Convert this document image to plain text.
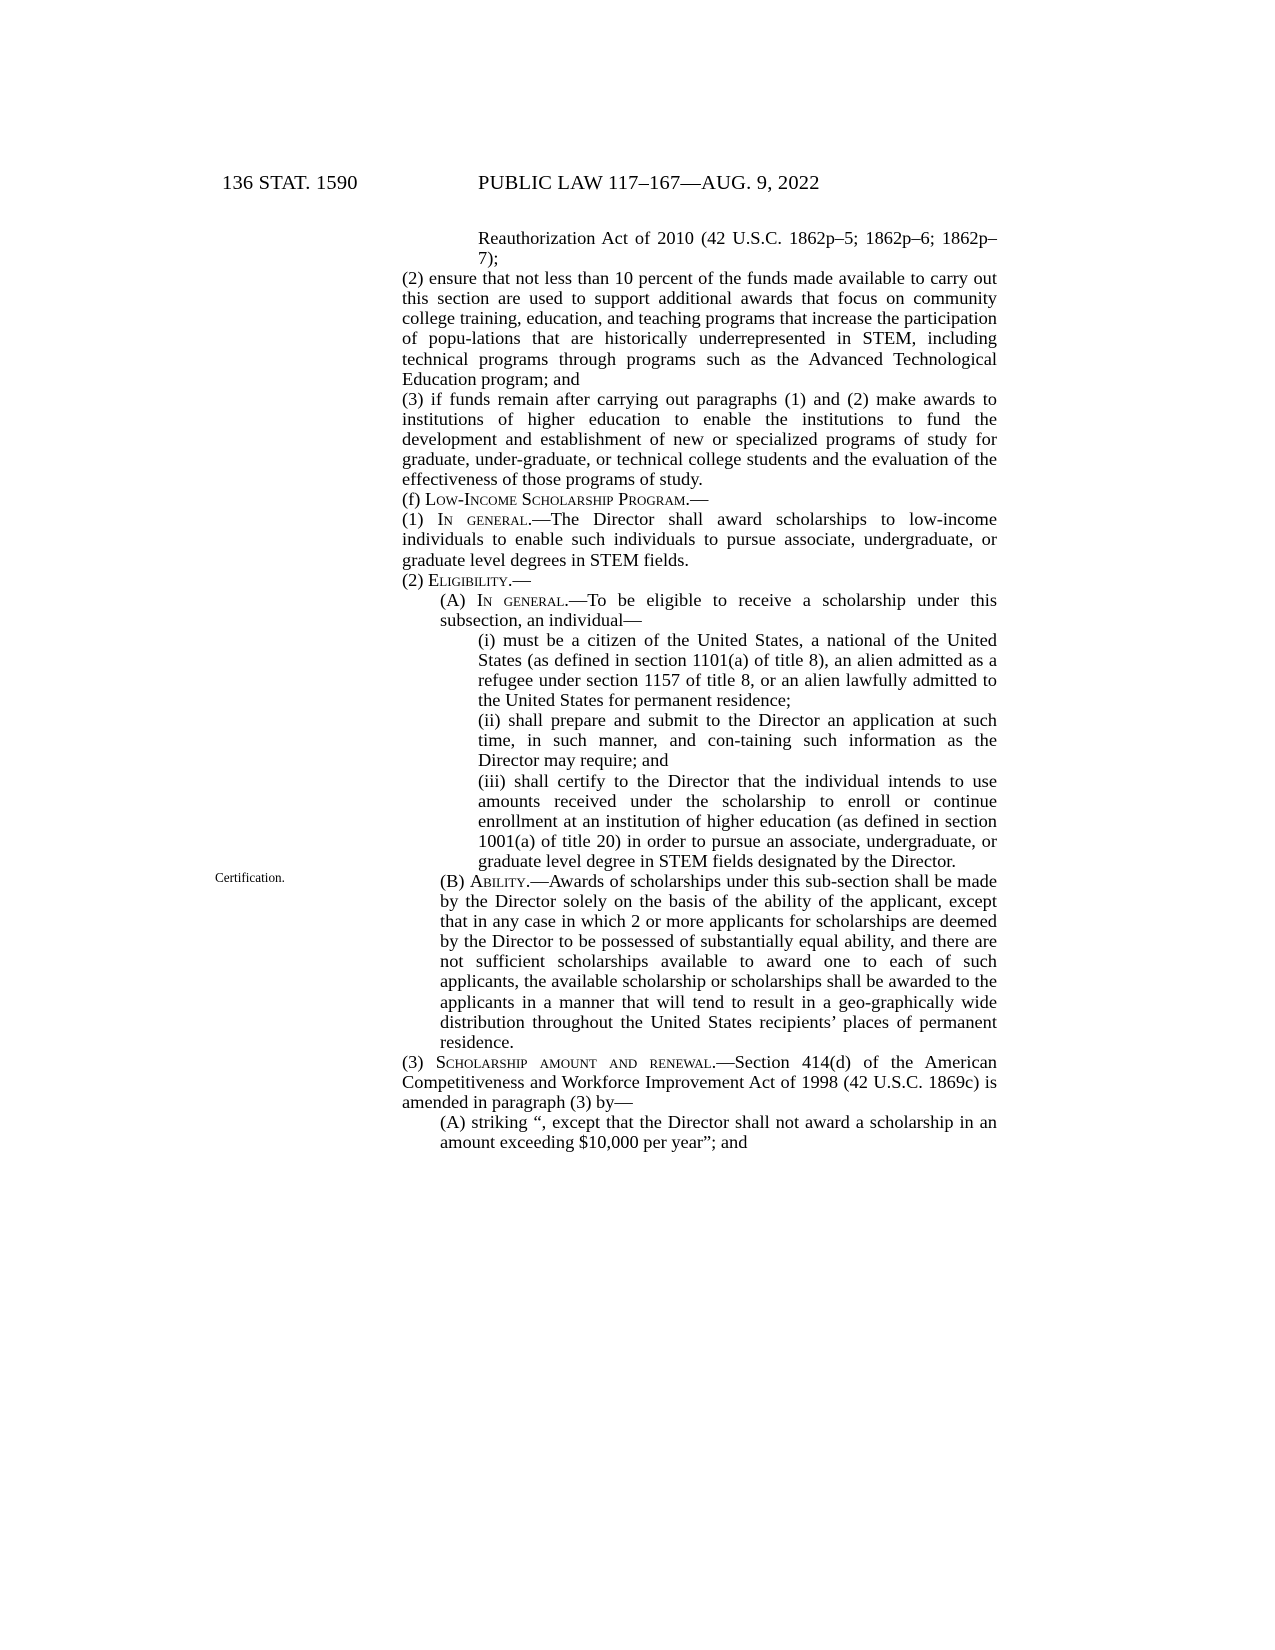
136 STAT. 1590	PUBLIC LAW 117–167—AUG. 9, 2022
Certification.

Reauthorization Act of 2010 (42 U.S.C. 1862p–5; 1862p–6; 1862p–7);

(2) ensure that not less than 10 percent of the funds made available to carry out this section are used to support additional awards that focus on community college training, education, and teaching programs that increase the participation of popu-lations that are historically underrepresented in STEM, including technical programs through programs such as the Advanced Technological Education program; and

(3) if funds remain after carrying out paragraphs (1) and (2) make awards to institutions of higher education to enable the institutions to fund the development and establishment of new or specialized programs of study for graduate, under-graduate, or technical college students and the evaluation of the effectiveness of those programs of study.

(f) Low-Income Scholarship Program.—

(1) In general.—The Director shall award scholarships to low-income individuals to enable such individuals to pursue associate, undergraduate, or graduate level degrees in STEM fields.

(2) Eligibility.—

(A) In general.—To be eligible to receive a scholarship under this subsection, an individual—

(i) must be a citizen of the United States, a national of the United States (as defined in section 1101(a) of title 8), an alien admitted as a refugee under section 1157 of title 8, or an alien lawfully admitted to the United States for permanent residence;

(ii) shall prepare and submit to the Director an application at such time, in such manner, and con-taining such information as the Director may require; and

(iii) shall certify to the Director that the individual intends to use amounts received under the scholarship to enroll or continue enrollment at an institution of higher education (as defined in section 1001(a) of title 20) in order to pursue an associate, undergraduate, or graduate level degree in STEM fields designated by the Director.

(B) Ability.—Awards of scholarships under this sub-section shall be made by the Director solely on the basis of the ability of the applicant, except that in any case in which 2 or more applicants for scholarships are deemed by the Director to be possessed of substantially equal ability, and there are not sufficient scholarships available to award one to each of such applicants, the available scholarship or scholarships shall be awarded to the applicants in a manner that will tend to result in a geo-graphically wide distribution throughout the United States recipients’ places of permanent residence.

(3) Scholarship amount and renewal.—Section 414(d) of the American Competitiveness and Workforce Improvement Act of 1998 (42 U.S.C. 1869c) is amended in paragraph (3) by—

(A) striking “, except that the Director shall not award a scholarship in an amount exceeding $10,000 per year”; and
